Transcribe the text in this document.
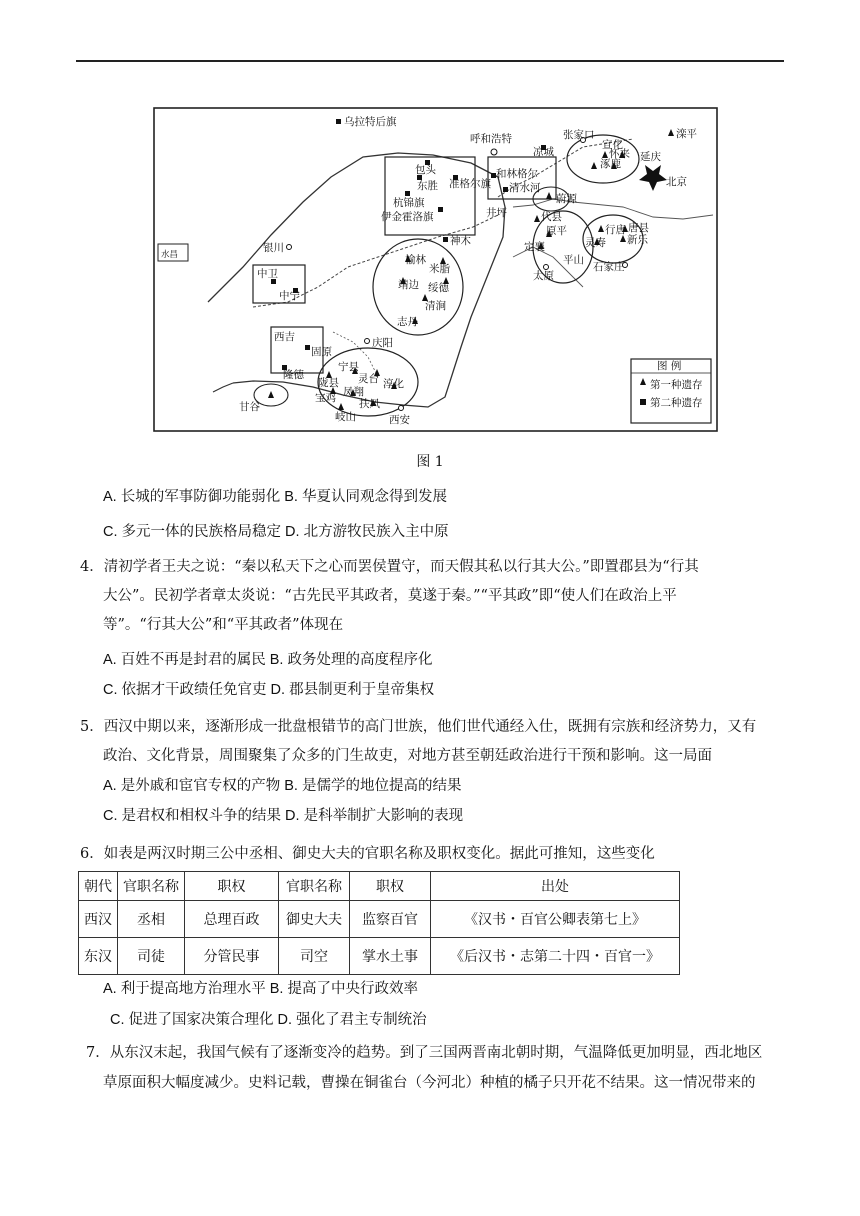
乌拉特后旗
呼和浩特	张家口
凉城
宣化
滦平
怀来
涿鹿
延庆
北京
包头
东胜
杭锦旗
伊金霍洛旗
准格尔旗
和林格尔
清水河
蔚源
井坪
神木
代县
原平
定襄
行唐 唐县
灵寿 新乐
平山
石家庄
太原
水昌
银川
榆林
米脂
靖边 绥德
清涧
志丹
中卫
中宁
西吉
固原
隆德
庆阳
宁县
陇县 灵台 淳化
凤翔
宝鸡 扶风
岐山	西安
甘谷
图 例
第一种遗存
第二种遗存
图 1
A. 长城的军事防御功能弱化 B. 华夏认同观念得到发展
C. 多元一体的民族格局稳定 D. 北方游牧民族入主中原
4．清初学者王夫之说：“秦以私天下之心而罢侯置守，而天假其私以行其大公。”即置郡县为“行其
大公”。民初学者章太炎说：“古先民平其政者，莫遂于秦。”“平其政”即“使人们在政治上平
等”。“行其大公”和“平其政者”体现在
A. 百姓不再是封君的属民 B. 政务处理的高度程序化
C. 依据才干政绩任免官吏 D. 郡县制更利于皇帝集权
5．西汉中期以来，逐渐形成一批盘根错节的高门世族，他们世代通经入仕，既拥有宗族和经济势力，又有
政治、文化背景，周围聚集了众多的门生故吏，对地方甚至朝廷政治进行干预和影响。这一局面
A. 是外戚和宦官专权的产物 B. 是儒学的地位提高的结果
C. 是君权和相权斗争的结果 D. 是科举制扩大影响的表现
6．如表是两汉时期三公中丞相、御史大夫的官职名称及职权变化。据此可推知，这些变化
朝代	官职名称	职权	官职名称	职权	出处
西汉	丞相	总理百政	御史大夫	监察百官	《汉书・百官公卿表第七上》
东汉	司徒	分管民事	司空	掌水土事	《后汉书・志第二十四・百官一》
A. 利于提高地方治理水平 B. 提高了中央行政效率
C. 促进了国家决策合理化 D. 强化了君主专制统治
7．从东汉末起，我国气候有了逐渐变冷的趋势。到了三国两晋南北朝时期，气温降低更加明显，西北地区
草原面积大幅度减少。史料记载，曹操在铜雀台（今河北）种植的橘子只开花不结果。这一情况带来的
